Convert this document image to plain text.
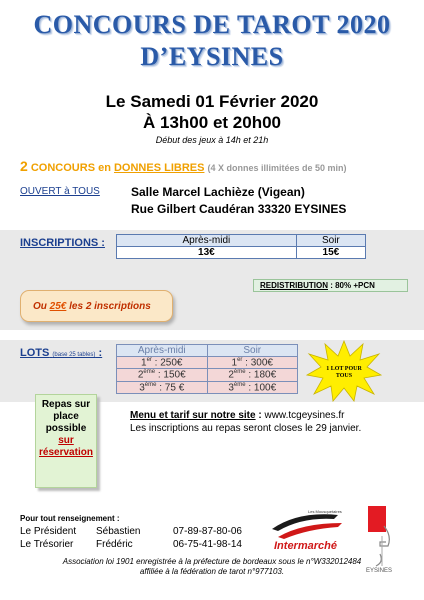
CONCOURS DE TAROT 2020
D’EYSINES
Le Samedi 01 Février 2020
À 13h00 et 20h00
Début des jeux à 14h et 21h
2 CONCOURS en DONNES LIBRES (4 X donnes illimitées de 50 min)
OUVERT à TOUS	Salle Marcel Lachièze (Vigean)
Rue Gilbert Caudéran 33320 EYSINES
INSCRIPTIONS :	Après-midi	Soir
13€	15€
REDISTRIBUTION : 80% +PCN
Ou 25€ les 2 inscriptions
LOTS (base 25 tables) :	Après-midi	Soir
1er : 250€	1er : 300€
2ème : 150€	2ème : 180€
3ème : 75 €	3ème : 100€
1 LOT POUR
TOUS
Repas sur
place
possible
sur
réservation
Menu et tarif sur notre site : www.tcgeysines.fr
Les inscriptions au repas seront closes le 29 janvier.
Pour tout renseignement :
Le Président Sébastien	07-89-87-80-06
Le Trésorier Frédéric	06-75-41-98-14
Les Mousquetaires
Intermarché
EYSINES
Association loi 1901 enregistrée à la préfecture de bordeaux sous le n°W332012484
affiliée à la fédération de tarot n°977103.
